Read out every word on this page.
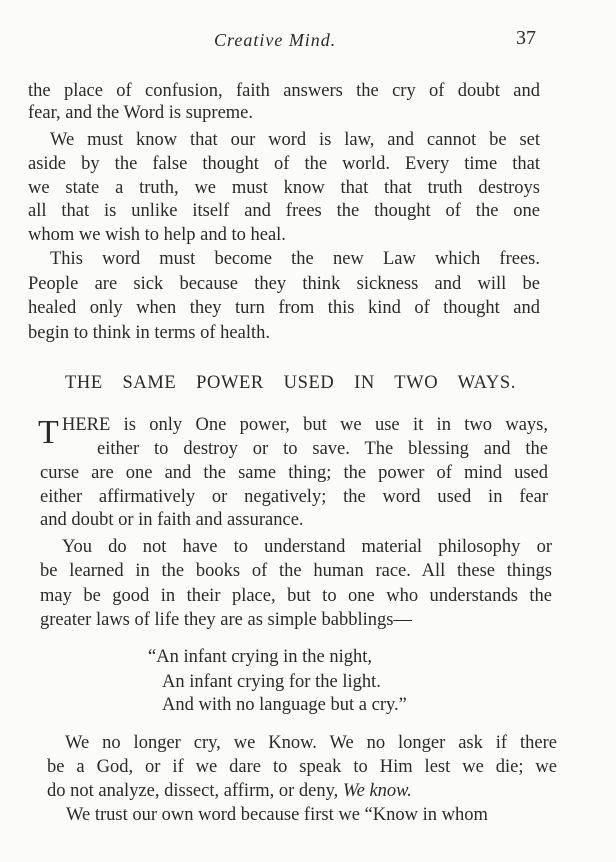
Creative Mind.	37
the place of confusion, faith answers the cry of doubt and
fear, and the Word is supreme.
We must know that our word is law, and cannot be set
aside by the false thought of the world. Every time that
we state a truth, we must know that that truth destroys
all that is unlike itself and frees the thought of the one
whom we wish to help and to heal.
This word must become the new Law which frees.
People are sick because they think sickness and will be
healed only when they turn from this kind of thought and
begin to think in terms of health.
THE SAME POWER USED IN TWO WAYS.
T HERE is only One power, but we use it in two ways,
either to destroy or to save. The blessing and the
curse are one and the same thing; the power of mind used
either affirmatively or negatively; the word used in fear
and doubt or in faith and assurance.
You do not have to understand material philosophy or
be learned in the books of the human race. All these things
may be good in their place, but to one who understands the
greater laws of life they are as simple babblings—
“An infant crying in the night,
An infant crying for the light.
And with no language but a cry.”
We no longer cry, we Know. We no longer ask if there
be a God, or if we dare to speak to Him lest we die; we
do not analyze, dissect, affirm, or deny, We know.
We trust our own word because first we “Know in whom
